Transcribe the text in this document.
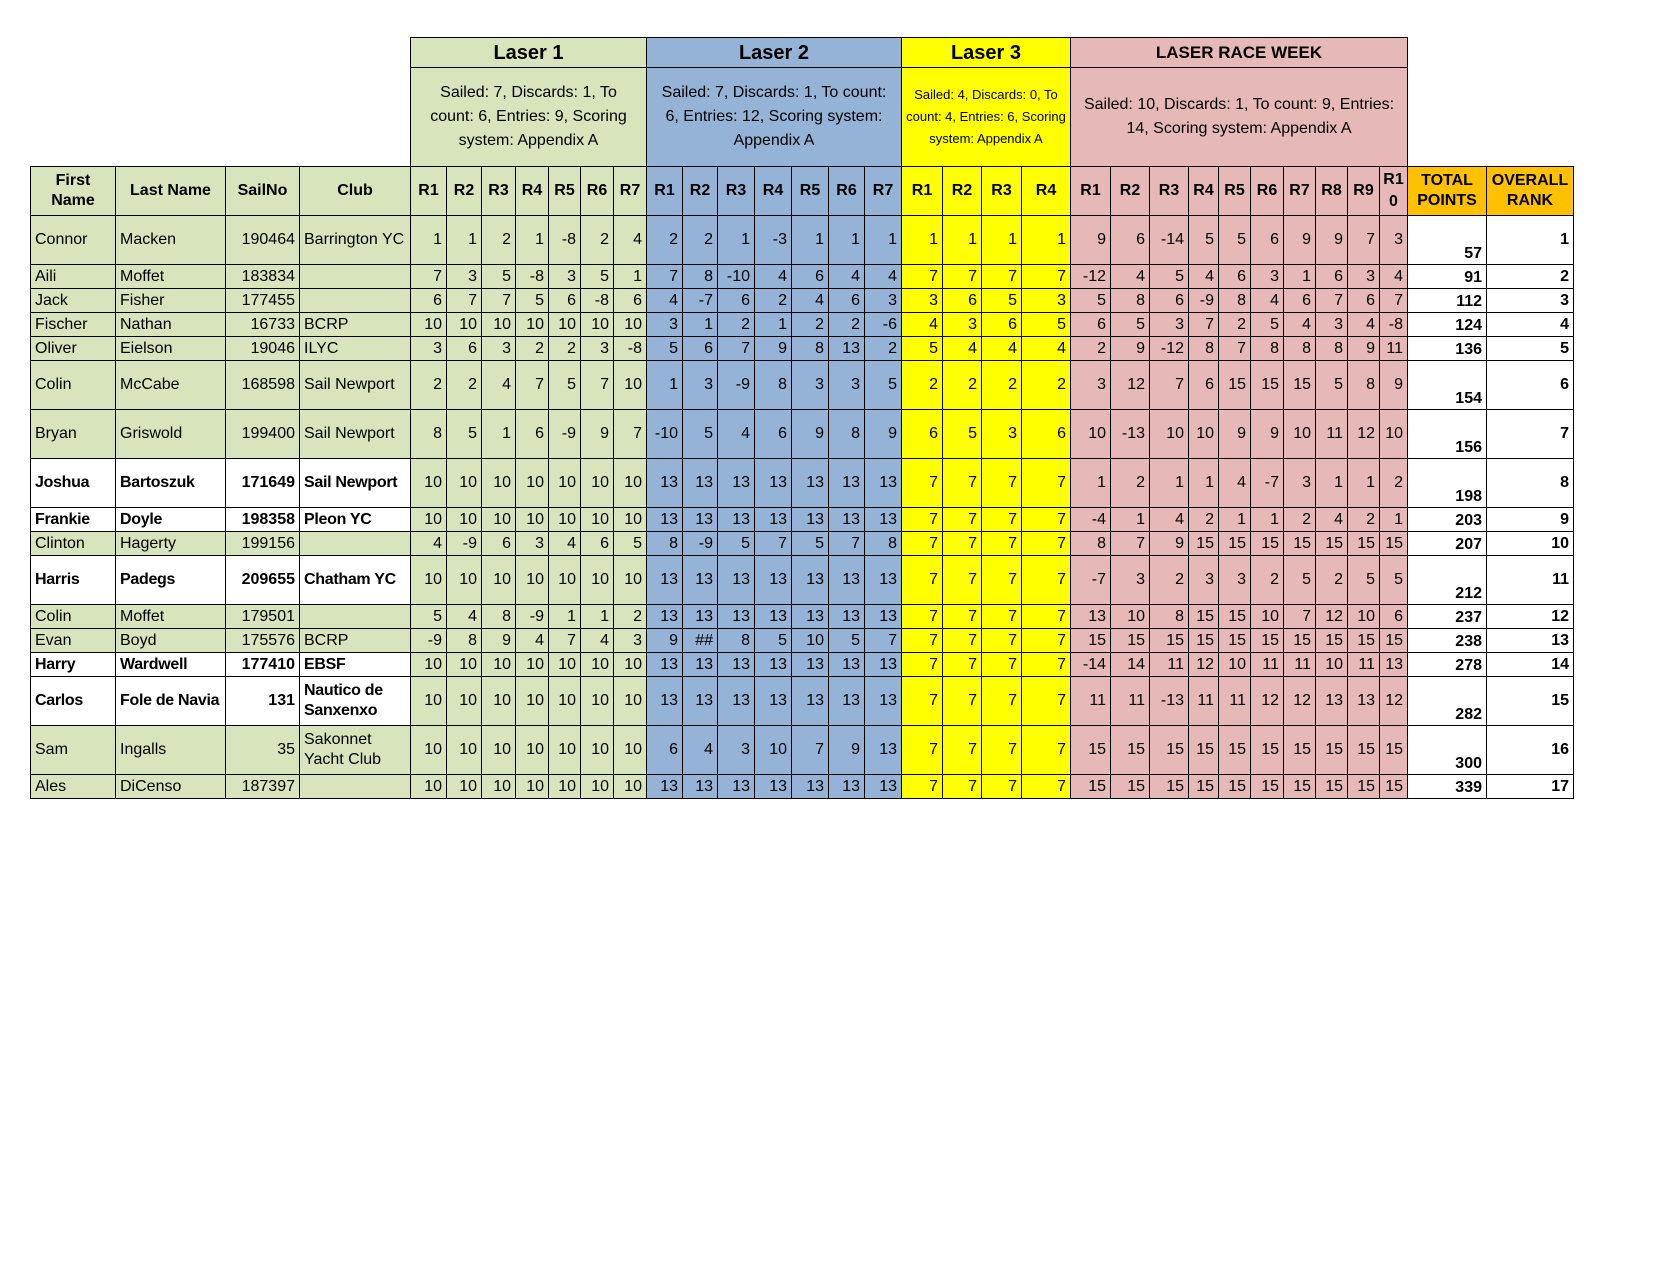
				Laser 1							Laser 2							Laser 3				LASER RACE WEEK											
				Sailed: 7, Discards: 1, To count: 6, Entries: 9, Scoring system: Appendix A							Sailed: 7, Discards: 1, To count: 6, Entries: 12, Scoring system: Appendix A							Sailed: 4, Discards: 0, To count: 4, Entries: 6, Scoring system: Appendix A				Sailed: 10, Discards: 1, To count: 9, Entries: 14, Scoring system: Appendix A											
First Name	Last Name	SailNo	Club	R1	R2	R3	R4	R5	R6	R7	R1	R2	R3	R4	R5	R6	R7	R1	R2	R3	R4	R1	R2	R3	R4	R5	R6	R7	R8	R9	R1 0	TOTAL POINTS	OVERALL RANK
Connor	Macken	190464	Barrington YC	1	1	2	1	-8	2	4	2	2	1	-3	1	1	1	1	1	1	1	9	6	-14	5	5	6	9	9	7	3	57	1
Aili	Moffet	183834		7	3	5	-8	3	5	1	7	8	-10	4	6	4	4	7	7	7	7	-12	4	5	4	6	3	1	6	3	4	91	2
Jack	Fisher	177455		6	7	7	5	6	-8	6	4	-7	6	2	4	6	3	3	6	5	3	5	8	6	-9	8	4	6	7	6	7	112	3
Fischer	Nathan	16733	BCRP	10	10	10	10	10	10	10	3	1	2	1	2	2	-6	4	3	6	5	6	5	3	7	2	5	4	3	4	-8	124	4
Oliver	Eielson	19046	ILYC	3	6	3	2	2	3	-8	5	6	7	9	8	13	2	5	4	4	4	2	9	-12	8	7	8	8	8	9	11	136	5
Colin	McCabe	168598	Sail Newport	2	2	4	7	5	7	10	1	3	-9	8	3	3	5	2	2	2	2	3	12	7	6	15	15	15	5	8	9	154	6
Bryan	Griswold	199400	Sail Newport	8	5	1	6	-9	9	7	-10	5	4	6	9	8	9	6	5	3	6	10	-13	10	10	9	9	10	11	12	10	156	7
Joshua	Bartoszuk	171649	Sail Newport	10	10	10	10	10	10	10	13	13	13	13	13	13	13	7	7	7	7	1	2	1	1	4	-7	3	1	1	2	198	8
Frankie	Doyle	198358	Pleon YC	10	10	10	10	10	10	10	13	13	13	13	13	13	13	7	7	7	7	-4	1	4	2	1	1	2	4	2	1	203	9
Clinton	Hagerty	199156		4	-9	6	3	4	6	5	8	-9	5	7	5	7	8	7	7	7	7	8	7	9	15	15	15	15	15	15	15	207	10
Harris	Padegs	209655	Chatham YC	10	10	10	10	10	10	10	13	13	13	13	13	13	13	7	7	7	7	-7	3	2	3	3	2	5	2	5	5	212	11
Colin	Moffet	179501		5	4	8	-9	1	1	2	13	13	13	13	13	13	13	7	7	7	7	13	10	8	15	15	10	7	12	10	6	237	12
Evan	Boyd	175576	BCRP	-9	8	9	4	7	4	3	9	##	8	5	10	5	7	7	7	7	7	15	15	15	15	15	15	15	15	15	15	238	13
Harry	Wardwell	177410	EBSF	10	10	10	10	10	10	10	13	13	13	13	13	13	13	7	7	7	7	-14	14	11	12	10	11	11	10	11	13	278	14
Carlos	Fole de Navia	131	Nautico de Sanxenxo	10	10	10	10	10	10	10	13	13	13	13	13	13	13	7	7	7	7	11	11	-13	11	11	12	12	13	13	12	282	15
Sam	Ingalls	35	Sakonnet Yacht Club	10	10	10	10	10	10	10	6	4	3	10	7	9	13	7	7	7	7	15	15	15	15	15	15	15	15	15	15	300	16
Ales	DiCenso	187397		10	10	10	10	10	10	10	13	13	13	13	13	13	13	7	7	7	7	15	15	15	15	15	15	15	15	15	15	339	17
